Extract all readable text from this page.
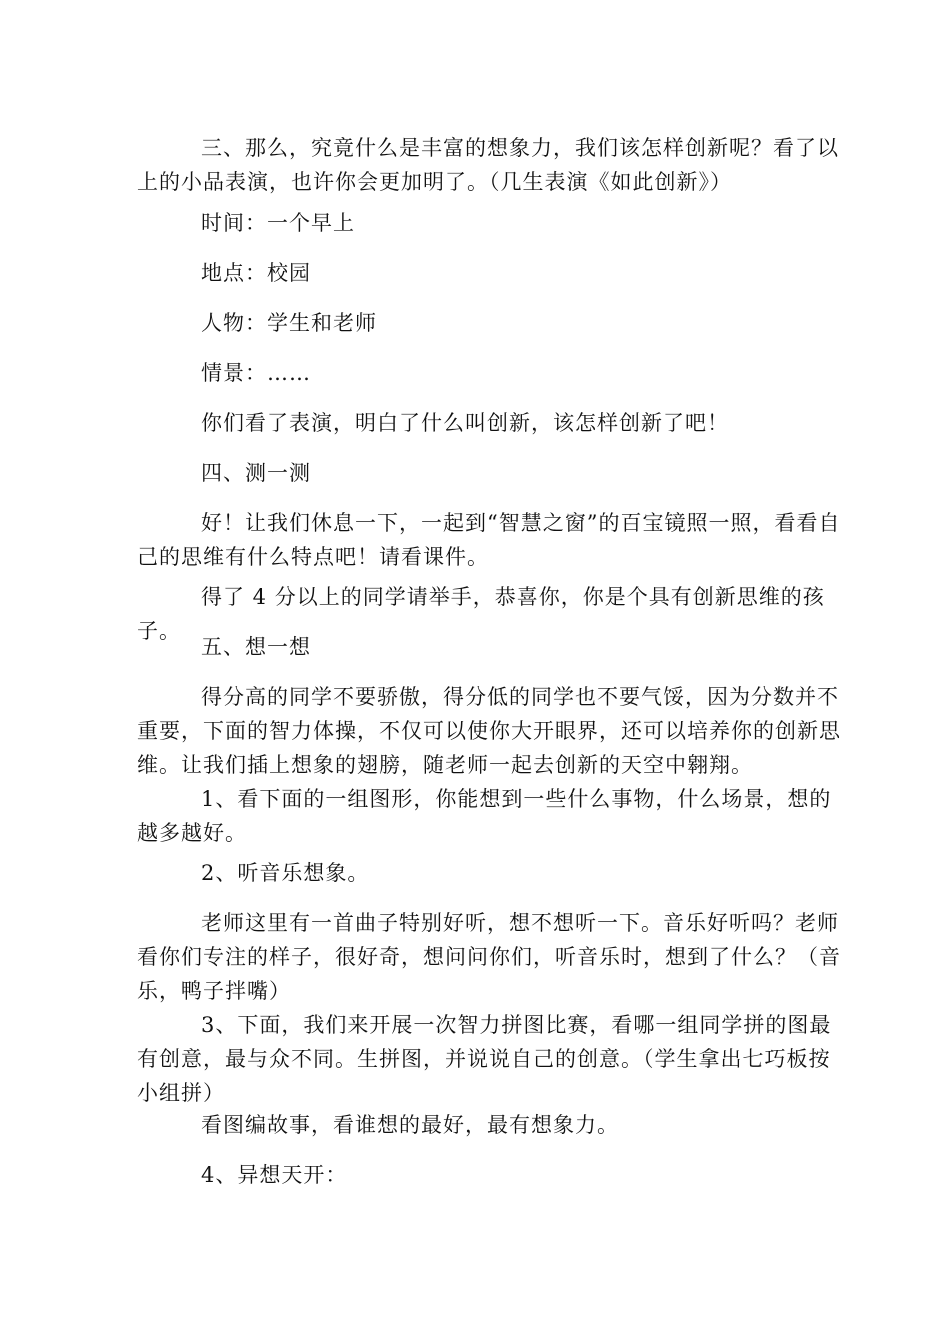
三、那么，究竟什么是丰富的想象力，我们该怎样创新呢？看了以上的小品表演，也许你会更加明了。（几生表演《如此创新》）

时间：一个早上

地点：校园

人物：学生和老师

情景：……

你们看了表演，明白了什么叫创新，该怎样创新了吧！

四、测一测

好！让我们休息一下，一起到“智慧之窗”的百宝镜照一照，看看自己的思维有什么特点吧！请看课件。

得了 4 分以上的同学请举手，恭喜你，你是个具有创新思维的孩子。

五、想一想

得分高的同学不要骄傲，得分低的同学也不要气馁，因为分数并不重要，下面的智力体操，不仅可以使你大开眼界，还可以培养你的创新思维。让我们插上想象的翅膀，随老师一起去创新的天空中翱翔。

1、看下面的一组图形，你能想到一些什么事物，什么场景，想的越多越好。

2、听音乐想象。

老师这里有一首曲子特别好听，想不想听一下。音乐好听吗？老师看你们专注的样子，很好奇，想问问你们，听音乐时，想到了什么？（音乐，鸭子拌嘴）

3、下面，我们来开展一次智力拼图比赛，看哪一组同学拼的图最有创意，最与众不同。生拼图，并说说自己的创意。（学生拿出七巧板按小组拼）

看图编故事，看谁想的最好，最有想象力。

4、异想天开：
